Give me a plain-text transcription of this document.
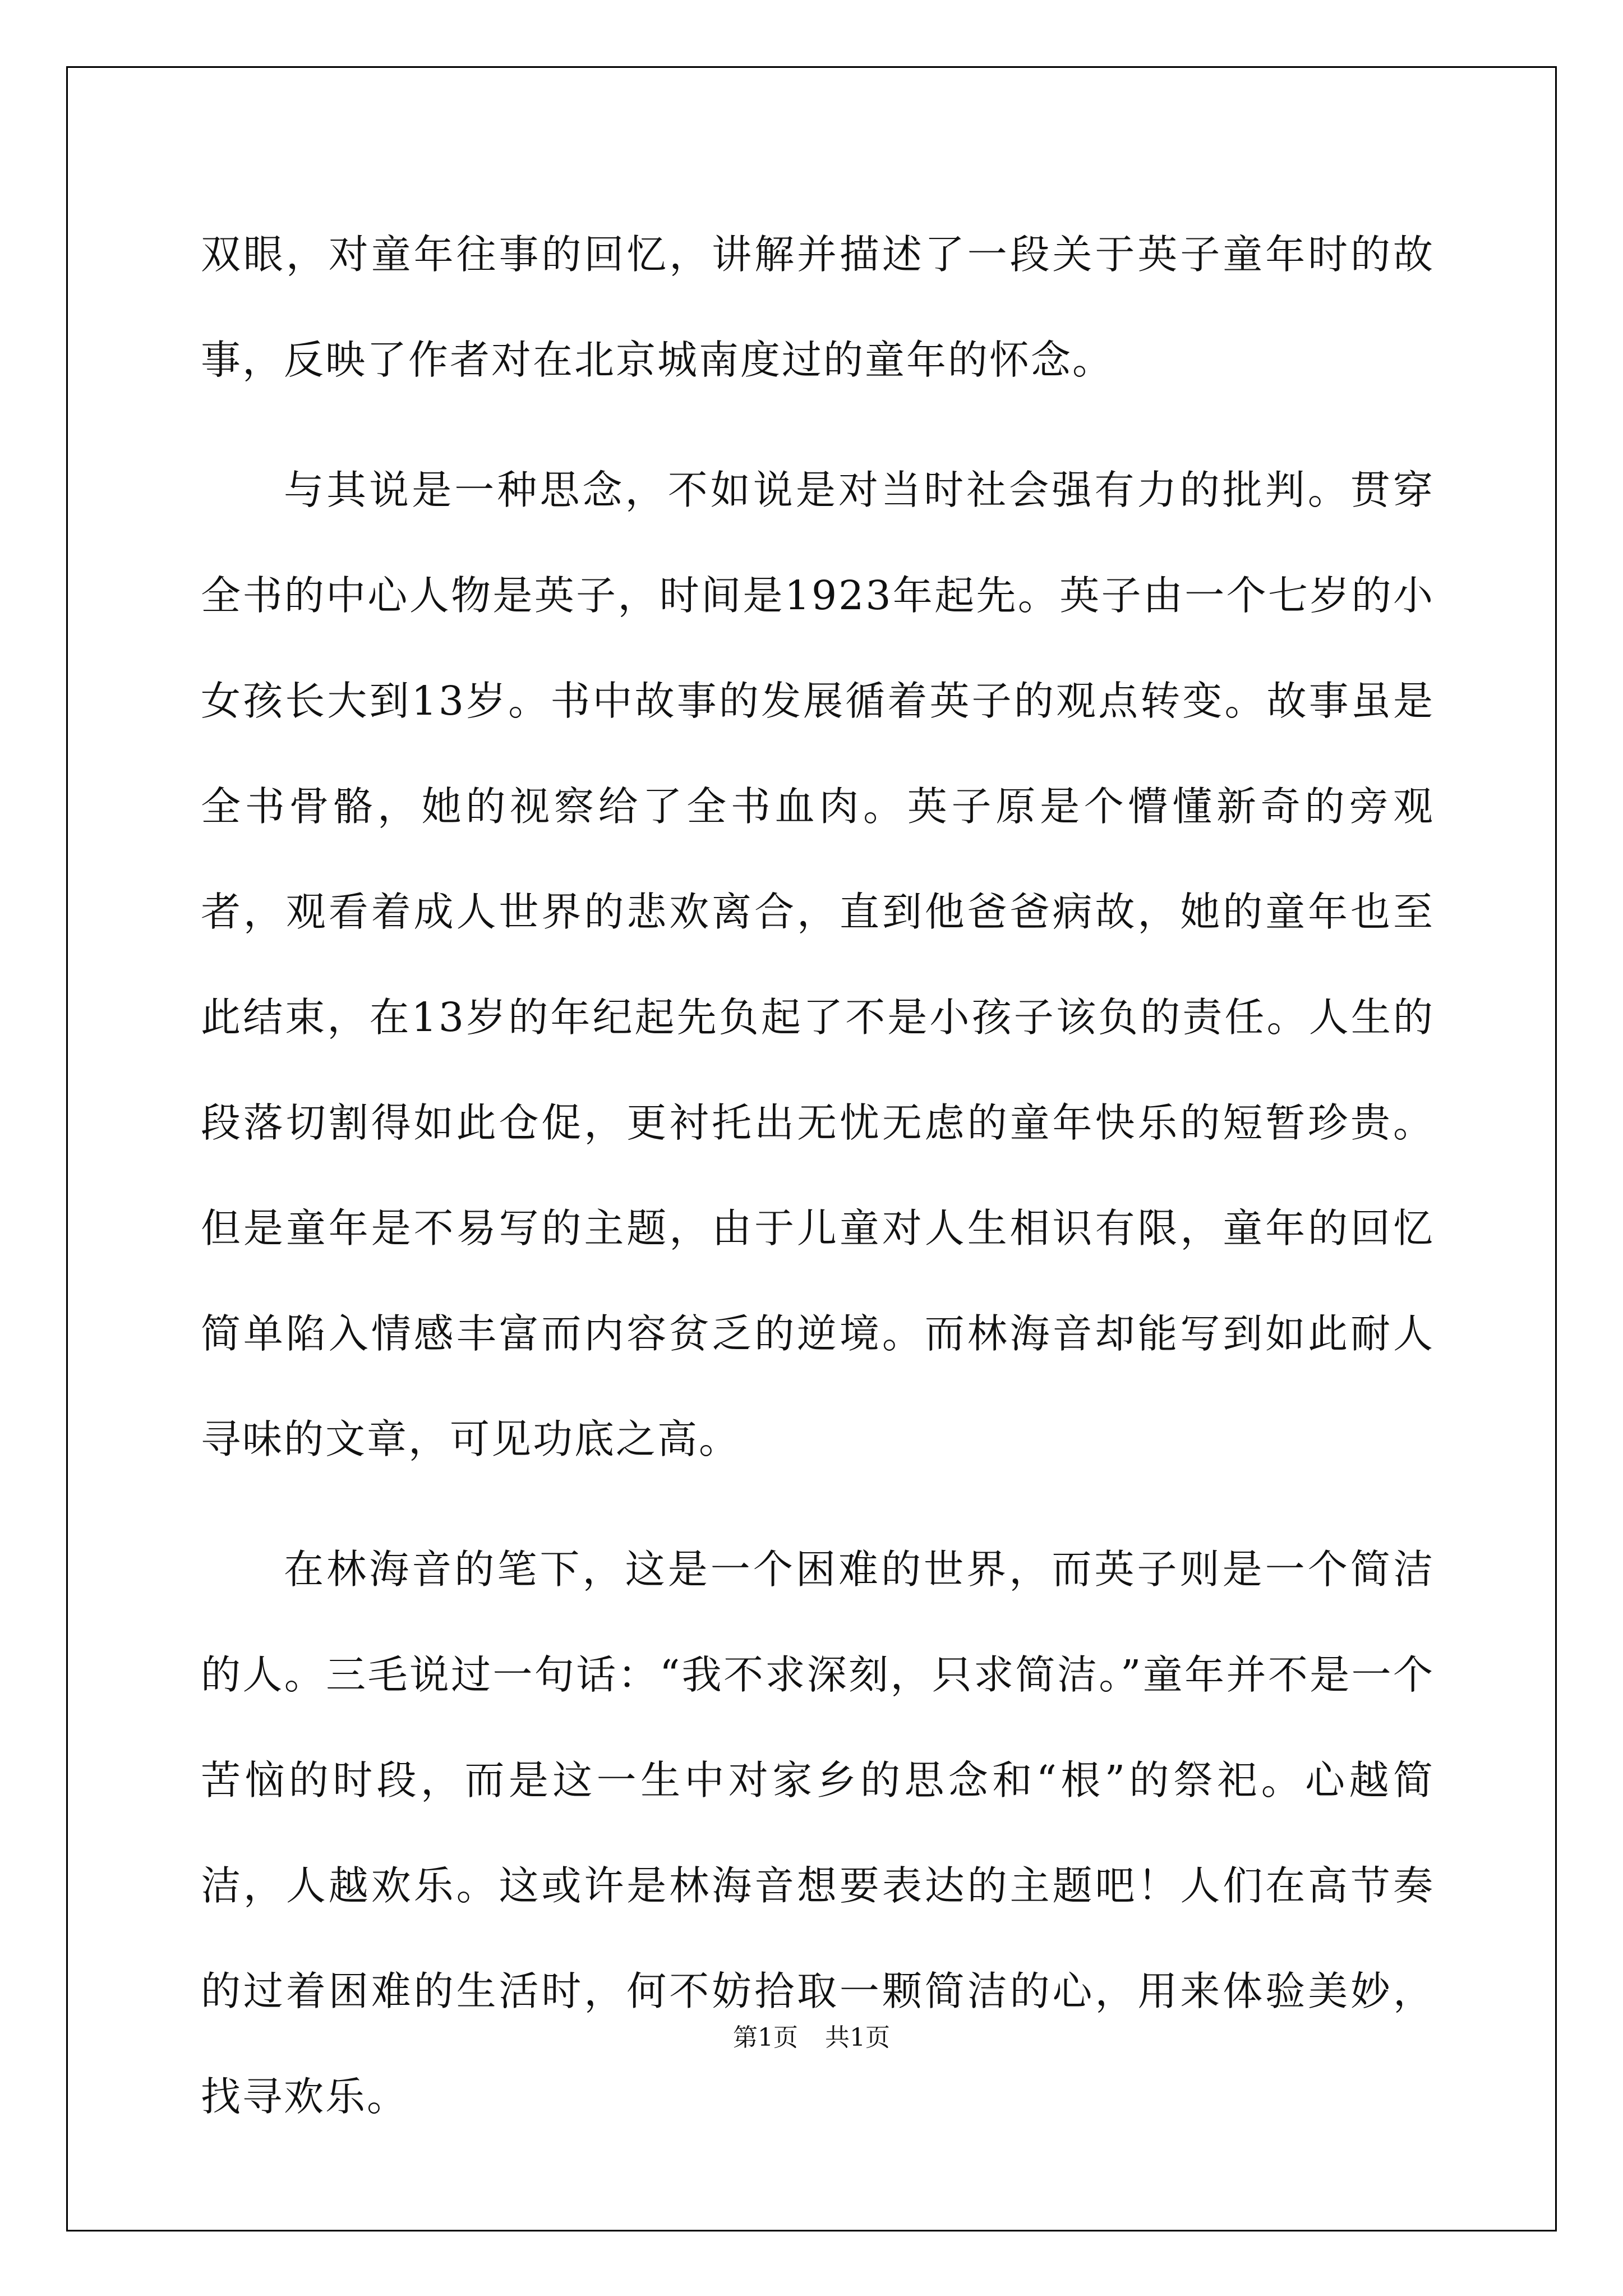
双眼，对童年往事的回忆，讲解并描述了一段关于英子童年时的故事，反映了作者对在北京城南度过的童年的怀念。

与其说是一种思念，不如说是对当时社会强有力的批判。贯穿全书的中心人物是英子，时间是1923年起先。英子由一个七岁的小女孩长大到13岁。书中故事的发展循着英子的观点转变。故事虽是全书骨骼，她的视察给了全书血肉。英子原是个懵懂新奇的旁观者，观看着成人世界的悲欢离合，直到他爸爸病故，她的童年也至此结束，在13岁的年纪起先负起了不是小孩子该负的责任。人生的段落切割得如此仓促，更衬托出无忧无虑的童年快乐的短暂珍贵。但是童年是不易写的主题，由于儿童对人生相识有限，童年的回忆简单陷入情感丰富而内容贫乏的逆境。而林海音却能写到如此耐人寻味的文章，可见功底之高。

在林海音的笔下，这是一个困难的世界，而英子则是一个简洁的人。三毛说过一句话：“我不求深刻，只求简洁。”童年并不是一个苦恼的时段，而是这一生中对家乡的思念和“根”的祭祀。心越简洁，人越欢乐。这或许是林海音想要表达的主题吧！人们在高节奏的过着困难的生活时，何不妨拾取一颗简洁的心，用来体验美妙，找寻欢乐。

第1页 共1页
